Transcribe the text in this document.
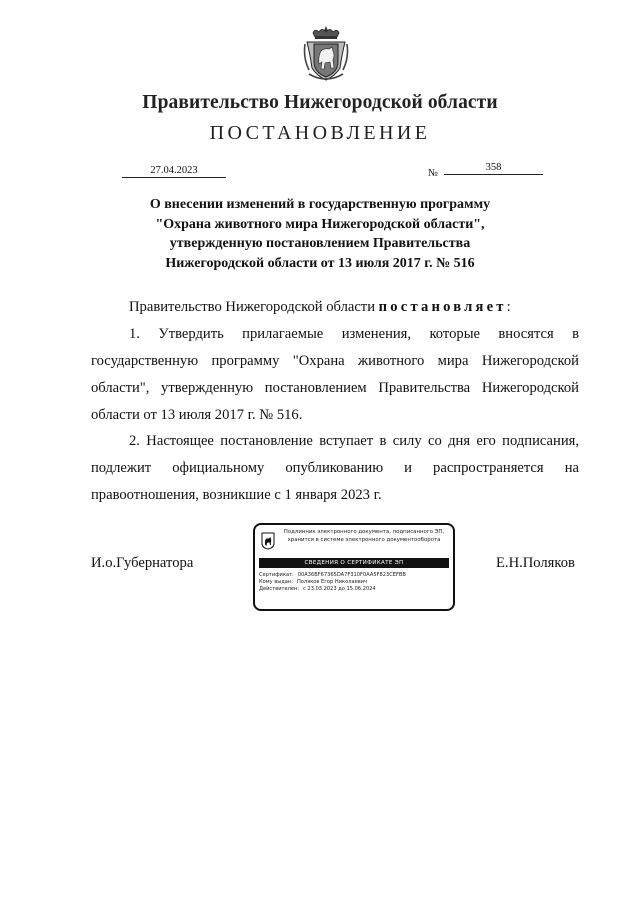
Правительство Нижегородской области
ПОСТАНОВЛЕНИЕ
27.04.2023	№
358
О внесении изменений в государственную программу
"Охрана животного мира Нижегородской области",
утвержденную постановлением Правительства
Нижегородской области от 13 июля 2017 г. № 516

Правительство Нижегородской области постановляет:

1. Утвердить прилагаемые изменения, которые вносятся в государственную программу "Охрана животного мира Нижегородской области", утвержденную постановлением Правительства Нижегородской области от 13 июля 2017 г. № 516.

2. Настоящее постановление вступает в силу со дня его подписания, подлежит официальному опубликованию и распространяется на правоотношения, возникшие с 1 января 2023 г.

И.о.Губернатора	Е.Н.Поляков
Подлинник электронного документа, подписанного ЭП,
хранится в системе электронного документооборота
СВЕДЕНИЯ О СЕРТИФИКАТЕ ЭП
Сертификат: 00A36BF67365DA7F310F0AA5F823CEFBB
Кому выдан: Поляков Егор Николаевич
Действителен: с 23.03.2023 до 15.06.2024
